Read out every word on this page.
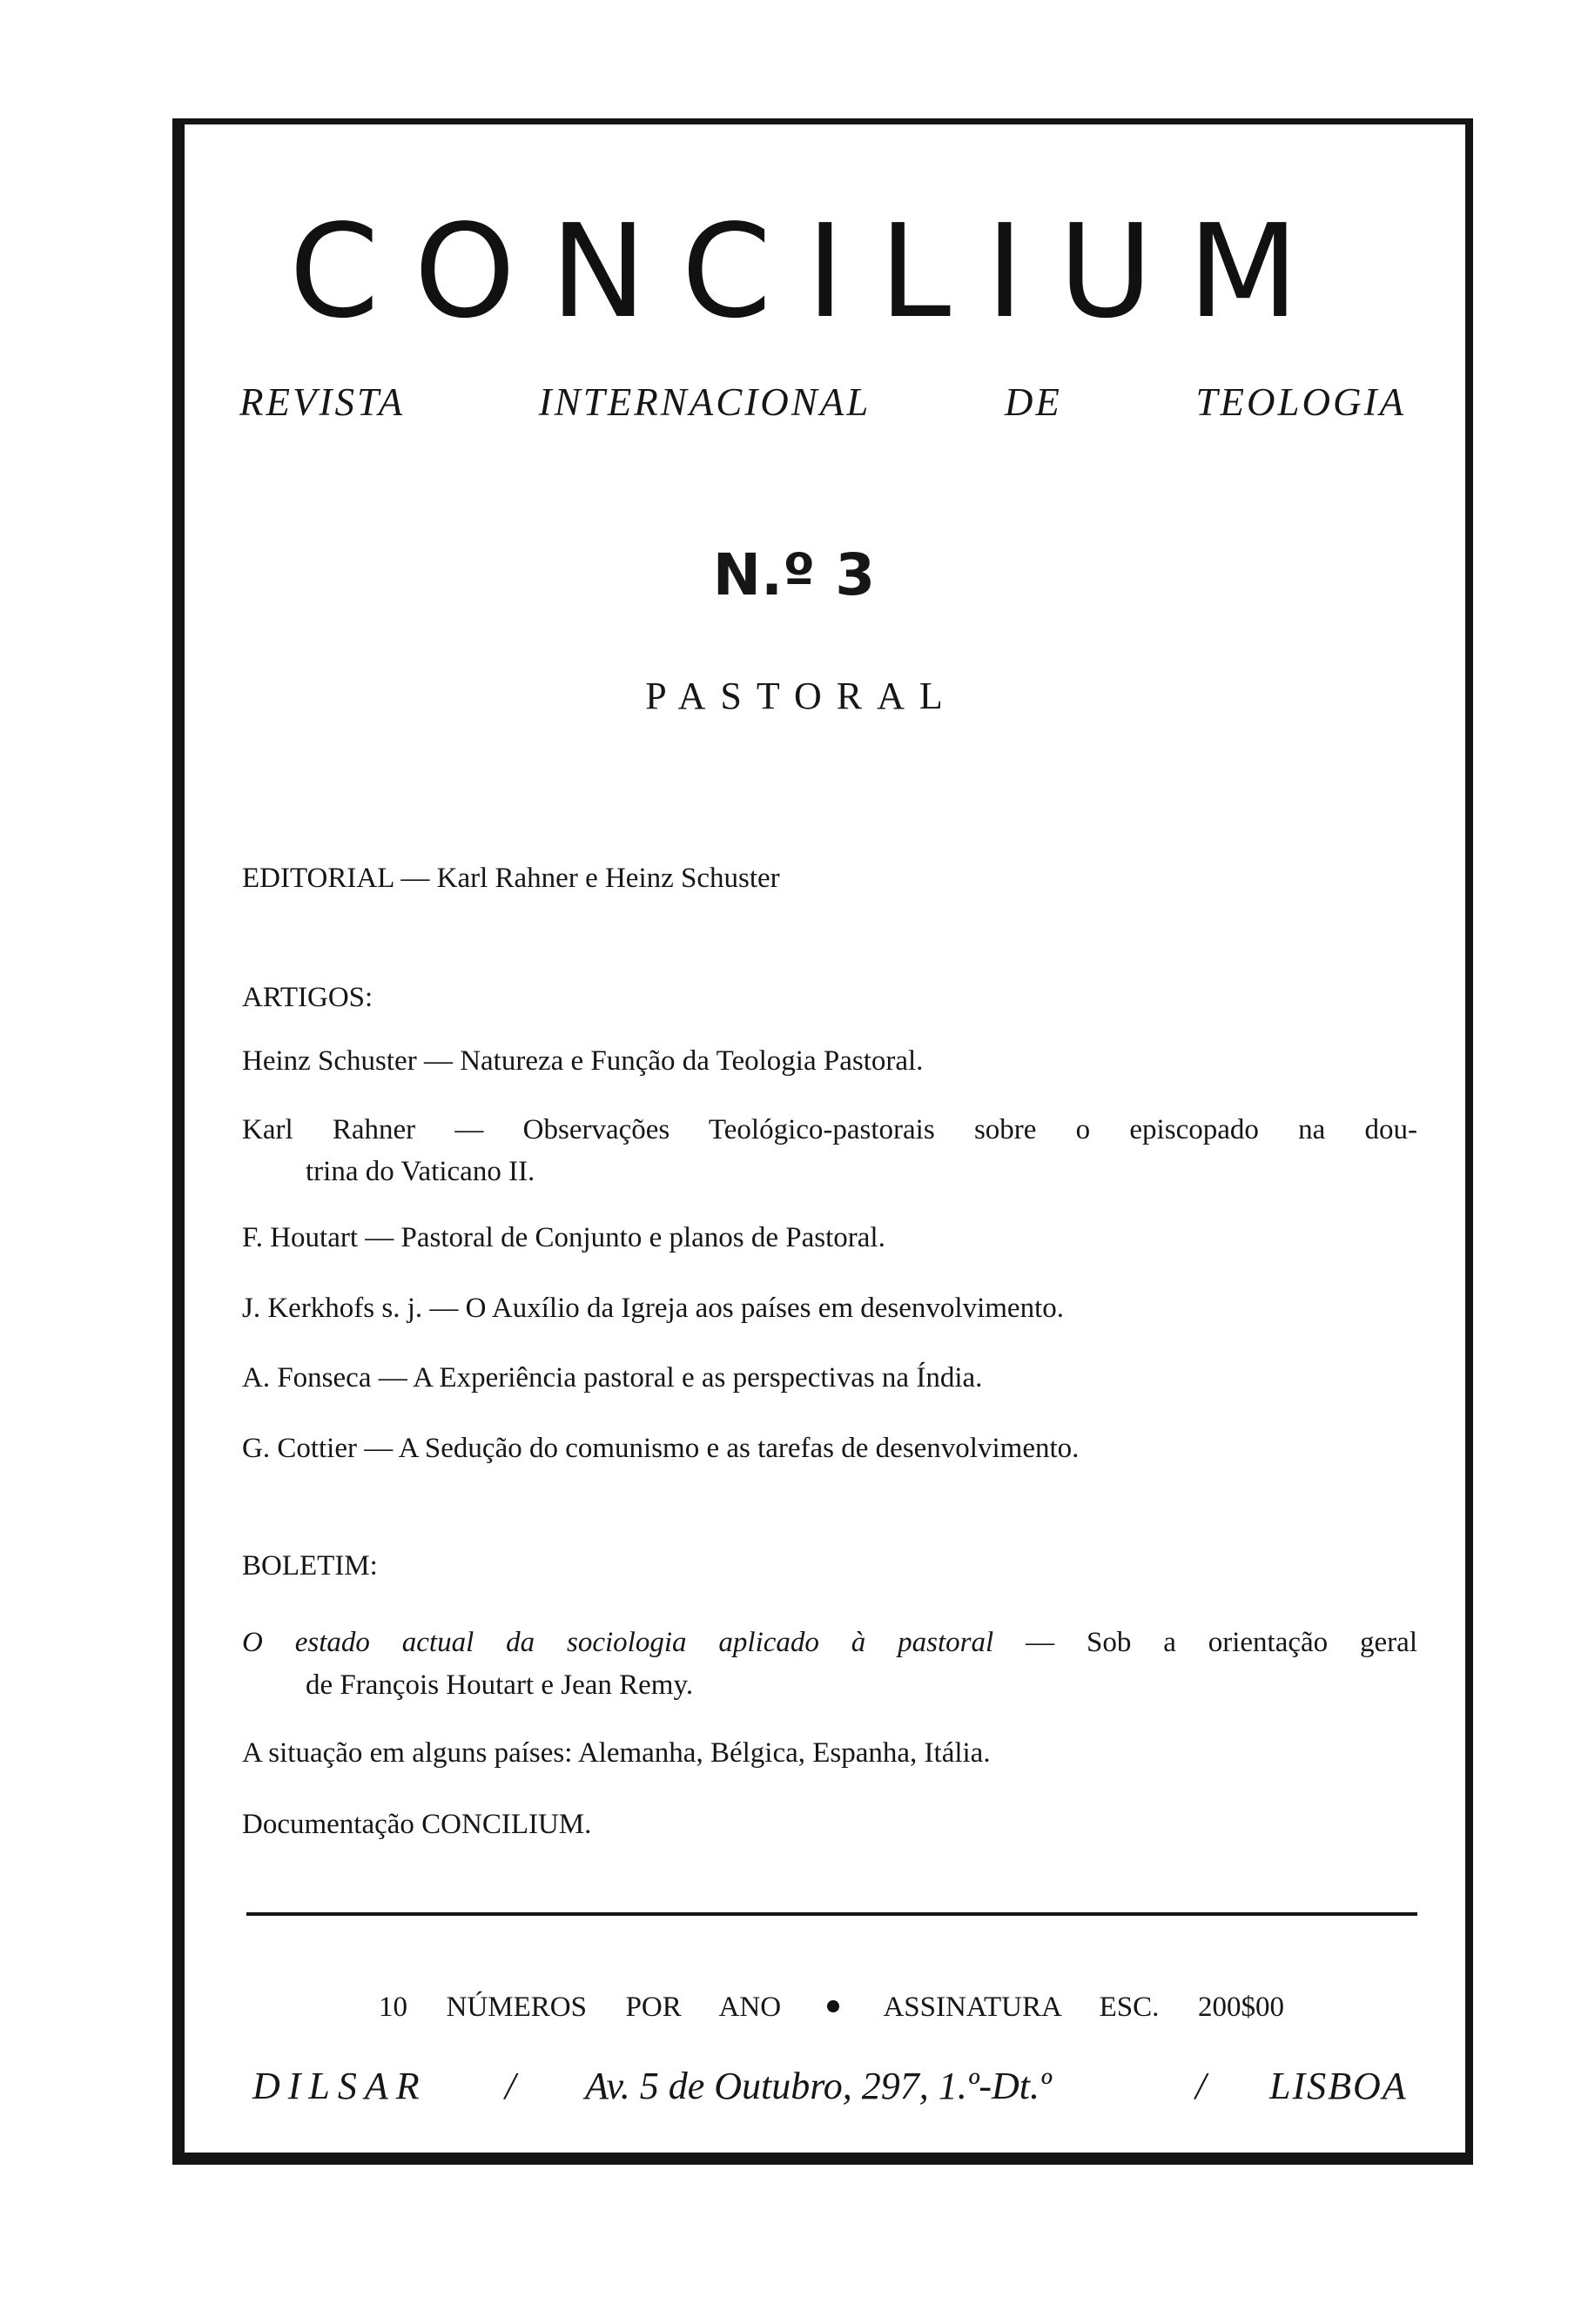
CONCILIUM
REVISTA	INTERNACIONAL	DE	TEOLOGIA
N.º 3
PASTORAL
EDITORIAL — Karl Rahner e Heinz Schuster
ARTIGOS:
Heinz Schuster — Natureza e Função da Teologia Pastoral.
Karl Rahner — Observações Teológico-pastorais sobre o episcopado na dou-
trina do Vaticano II.
F. Houtart — Pastoral de Conjunto e planos de Pastoral.
J. Kerkhofs s. j. — O Auxílio da Igreja aos países em desenvolvimento.
A. Fonseca — A Experiência pastoral e as perspectivas na Índia.
G. Cottier — A Sedução do comunismo e as tarefas de desenvolvimento.
BOLETIM:
O estado actual da sociologia aplicado à pastoral — Sob a orientação geral
de François Houtart e Jean Remy.
A situação em alguns países: Alemanha, Bélgica, Espanha, Itália.
Documentação CONCILIUM.
10 NÚMEROS POR ANO	ASSINATURA ESC. 200$00
DILSAR / Av. 5 de Outubro, 297, 1.º-Dt.º	/ LISBOA
